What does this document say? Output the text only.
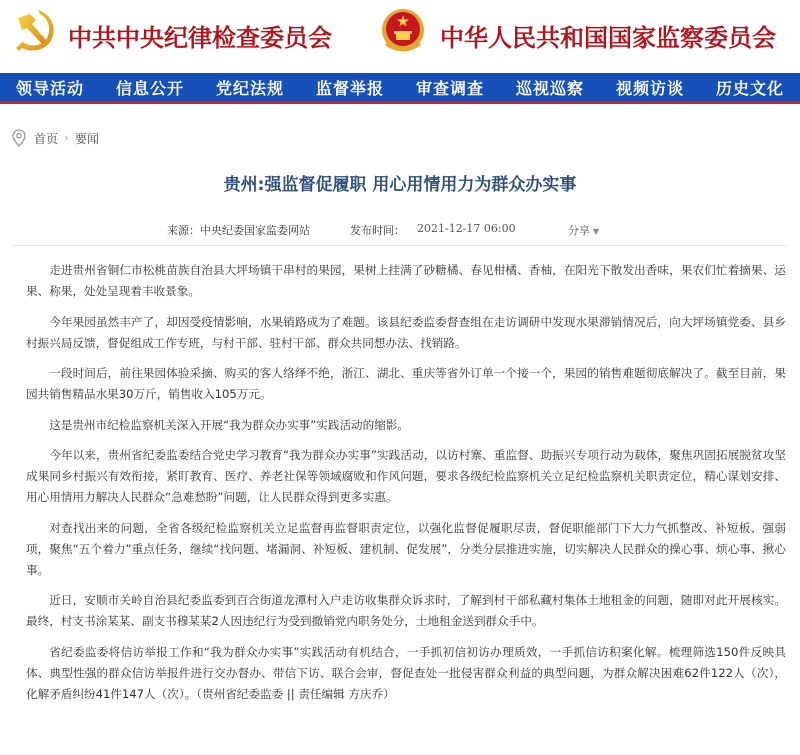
中共中央纪律检查委员会	中华人民共和国国家监察委员会
领导活动	信息公开	党纪法规	监督举报	审查调查	巡视巡察	视频访谈	历史文化
首页 › 要闻
贵州:强监督促履职 用心用情用力为群众办实事
来源：中央纪委国家监委网站	发布时间： 2021-12-17 06:00	分享 ▼

走进贵州省铜仁市松桃苗族自治县大坪场镇干串村的果园，果树上挂满了砂糖橘、春见柑橘、香柚，在阳光下散发出香味，果农们忙着摘果、运果、称果，处处呈现着丰收景象。

今年果园虽然丰产了，却因受疫情影响，水果销路成为了难题。该县纪委监委督查组在走访调研中发现水果滞销情况后，向大坪场镇党委、县乡村振兴局反馈，督促组成工作专班，与村干部、驻村干部、群众共同想办法、找销路。

一段时间后，前往果园体验采摘、购买的客人络绎不绝，浙江、湖北、重庆等省外订单一个接一个，果园的销售难题彻底解决了。截至目前，果园共销售精品水果30万斤，销售收入105万元。

这是贵州市纪检监察机关深入开展“我为群众办实事”实践活动的缩影。

今年以来，贵州省纪委监委结合党史学习教育“我为群众办实事”实践活动，以访村寨、重监督、助振兴专项行动为载体，聚焦巩固拓展脱贫攻坚成果同乡村振兴有效衔接，紧盯教育、医疗、养老社保等领域腐败和作风问题，要求各级纪检监察机关立足纪检监察机关职责定位，精心谋划安排、用心用情用力解决人民群众“急难愁盼”问题，让人民群众得到更多实惠。

对查找出来的问题，全省各级纪检监察机关立足监督再监督职责定位，以强化监督促履职尽责，督促职能部门下大力气抓整改、补短板、强弱项，聚焦“五个着力”重点任务，继续“找问题、堵漏洞、补短板、建机制、促发展”，分类分层推进实施，切实解决人民群众的操心事、烦心事、揪心事。

近日，安顺市关岭自治县纪委监委到百合街道龙潭村入户走访收集群众诉求时，了解到村干部私藏村集体土地租金的问题，随即对此开展核实。最终，村支书涂某某、副支书穆某某2人因违纪行为受到撤销党内职务处分，土地租金送到群众手中。

省纪委监委将信访举报工作和“我为群众办实事”实践活动有机结合，一手抓初信初访办理质效，一手抓信访积案化解。梳理筛选150件反映具体、典型性强的群众信访举报件进行交办督办、带信下访、联合会审，督促查处一批侵害群众利益的典型问题，为群众解决困难62件122人（次），化解矛盾纠纷41件147人（次）。（贵州省纪委监委 || 责任编辑 方庆乔）
